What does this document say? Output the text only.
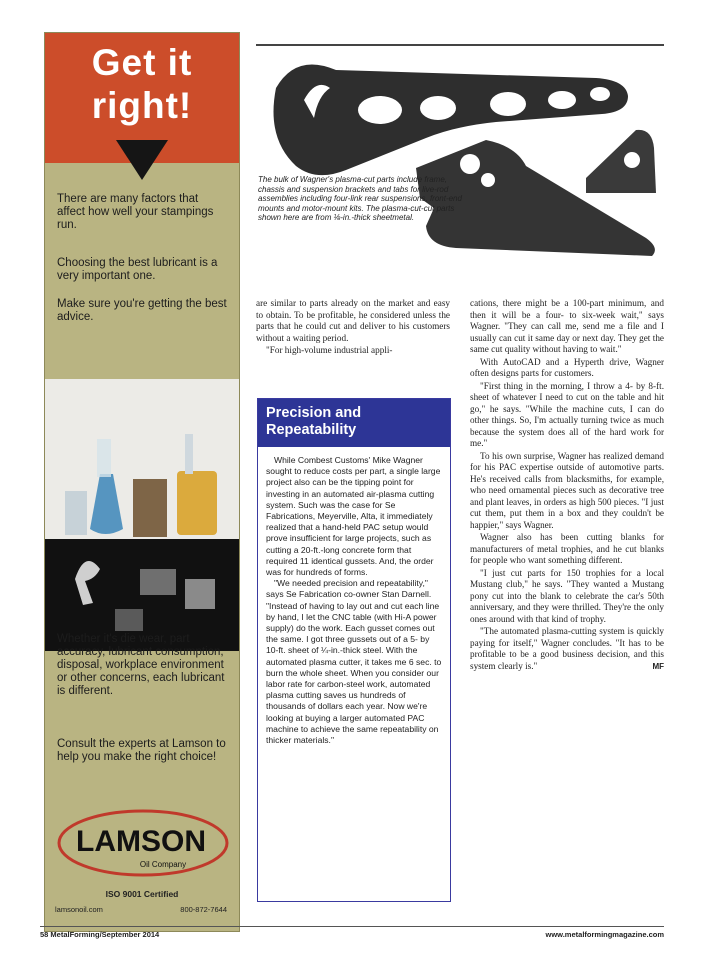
Get it
right!
There are many factors that affect how well your stampings run.
Choosing the best lubricant is a very important one.
Make sure you're getting the best advice.
Whether it's die wear, part accuracy, lubricant consumption, disposal, workplace environment or other concerns, each lubricant is different.
Consult the experts at Lamson to help you make the right choice!
LAMSON
Oil Company
ISO 9001 Certified
lamsonoil.com	800-872-7644
The bulk of Wagner's plasma-cut parts include frame, chassis and suspension brackets and tabs for live-rod assemblies including four-link rear suspensions, front-end mounts and motor-mount kits. The plasma-cut-cut parts shown here are from ⅛-in.-thick sheetmetal.

are similar to parts already on the market and easy to obtain. To be profitable, he considered unless the parts that he could cut and deliver to his customers without a waiting period.

"For high-volume industrial appli-

Precision and
Repeatability

While Combest Customs' Mike Wagner sought to reduce costs per part, a single large project also can be the tipping point for investing in an automated air-plasma cutting system. Such was the case for Se Fabrications, Meyerville, Alta, it immediately realized that a hand-held PAC setup would prove insufficient for large projects, such as cutting a 20-ft.-long concrete form that required 11 identical gussets. And, the order was for hundreds of forms.

"We needed precision and repeatability," says Se Fabrication co-owner Stan Darnell. "Instead of having to lay out and cut each line by hand, I let the CNC table (with Hi-A power supply) do the work. Each gusset comes out the same. I got three gussets out of a 5- by 10-ft. sheet of ¼-in.-thick steel. With the automated plasma cutter, it takes me 6 sec. to burn the whole sheet. When you consider our labor rate for carbon-steel work, automated plasma cutting saves us hundreds of thousands of dollars each year. Now we're looking at buying a larger automated PAC machine to achieve the same repeatability on thicker materials."

cations, there might be a 100-part minimum, and then it will be a four- to six-week wait," says Wagner. "They can call me, send me a file and I usually can cut it same day or next day. They get the same cut quality without having to wait."

With AutoCAD and a Hyperth drive, Wagner often designs parts for customers.

"First thing in the morning, I throw a 4- by 8-ft. sheet of whatever I need to cut on the table and hit go," he says. "While the machine cuts, I can do other things. So, I'm actually turning twice as much because the system does all of the hard work for me."

To his own surprise, Wagner has realized demand for his PAC expertise outside of automotive parts. He's received calls from blacksmiths, for example, who need ornamental pieces such as decorative tree and plant leaves, in orders as high 500 pieces. "I just cut them, put them in a box and they couldn't be happier," says Wagner.

Wagner also has been cutting blanks for manufacturers of metal trophies, and he cut blanks for people who want something different.

"I just cut parts for 150 trophies for a local Mustang club," he says. "They wanted a Mustang pony cut into the blank to celebrate the car's 50th anniversary, and they were thrilled. They're the only ones around with that kind of trophy.

"The automated plasma-cutting system is quickly paying for itself," Wagner concludes. "It has to be profitable to be a good business decision, and this system clearly is."	MF

58 MetalForming/September 2014	www.metalformingmagazine.com
